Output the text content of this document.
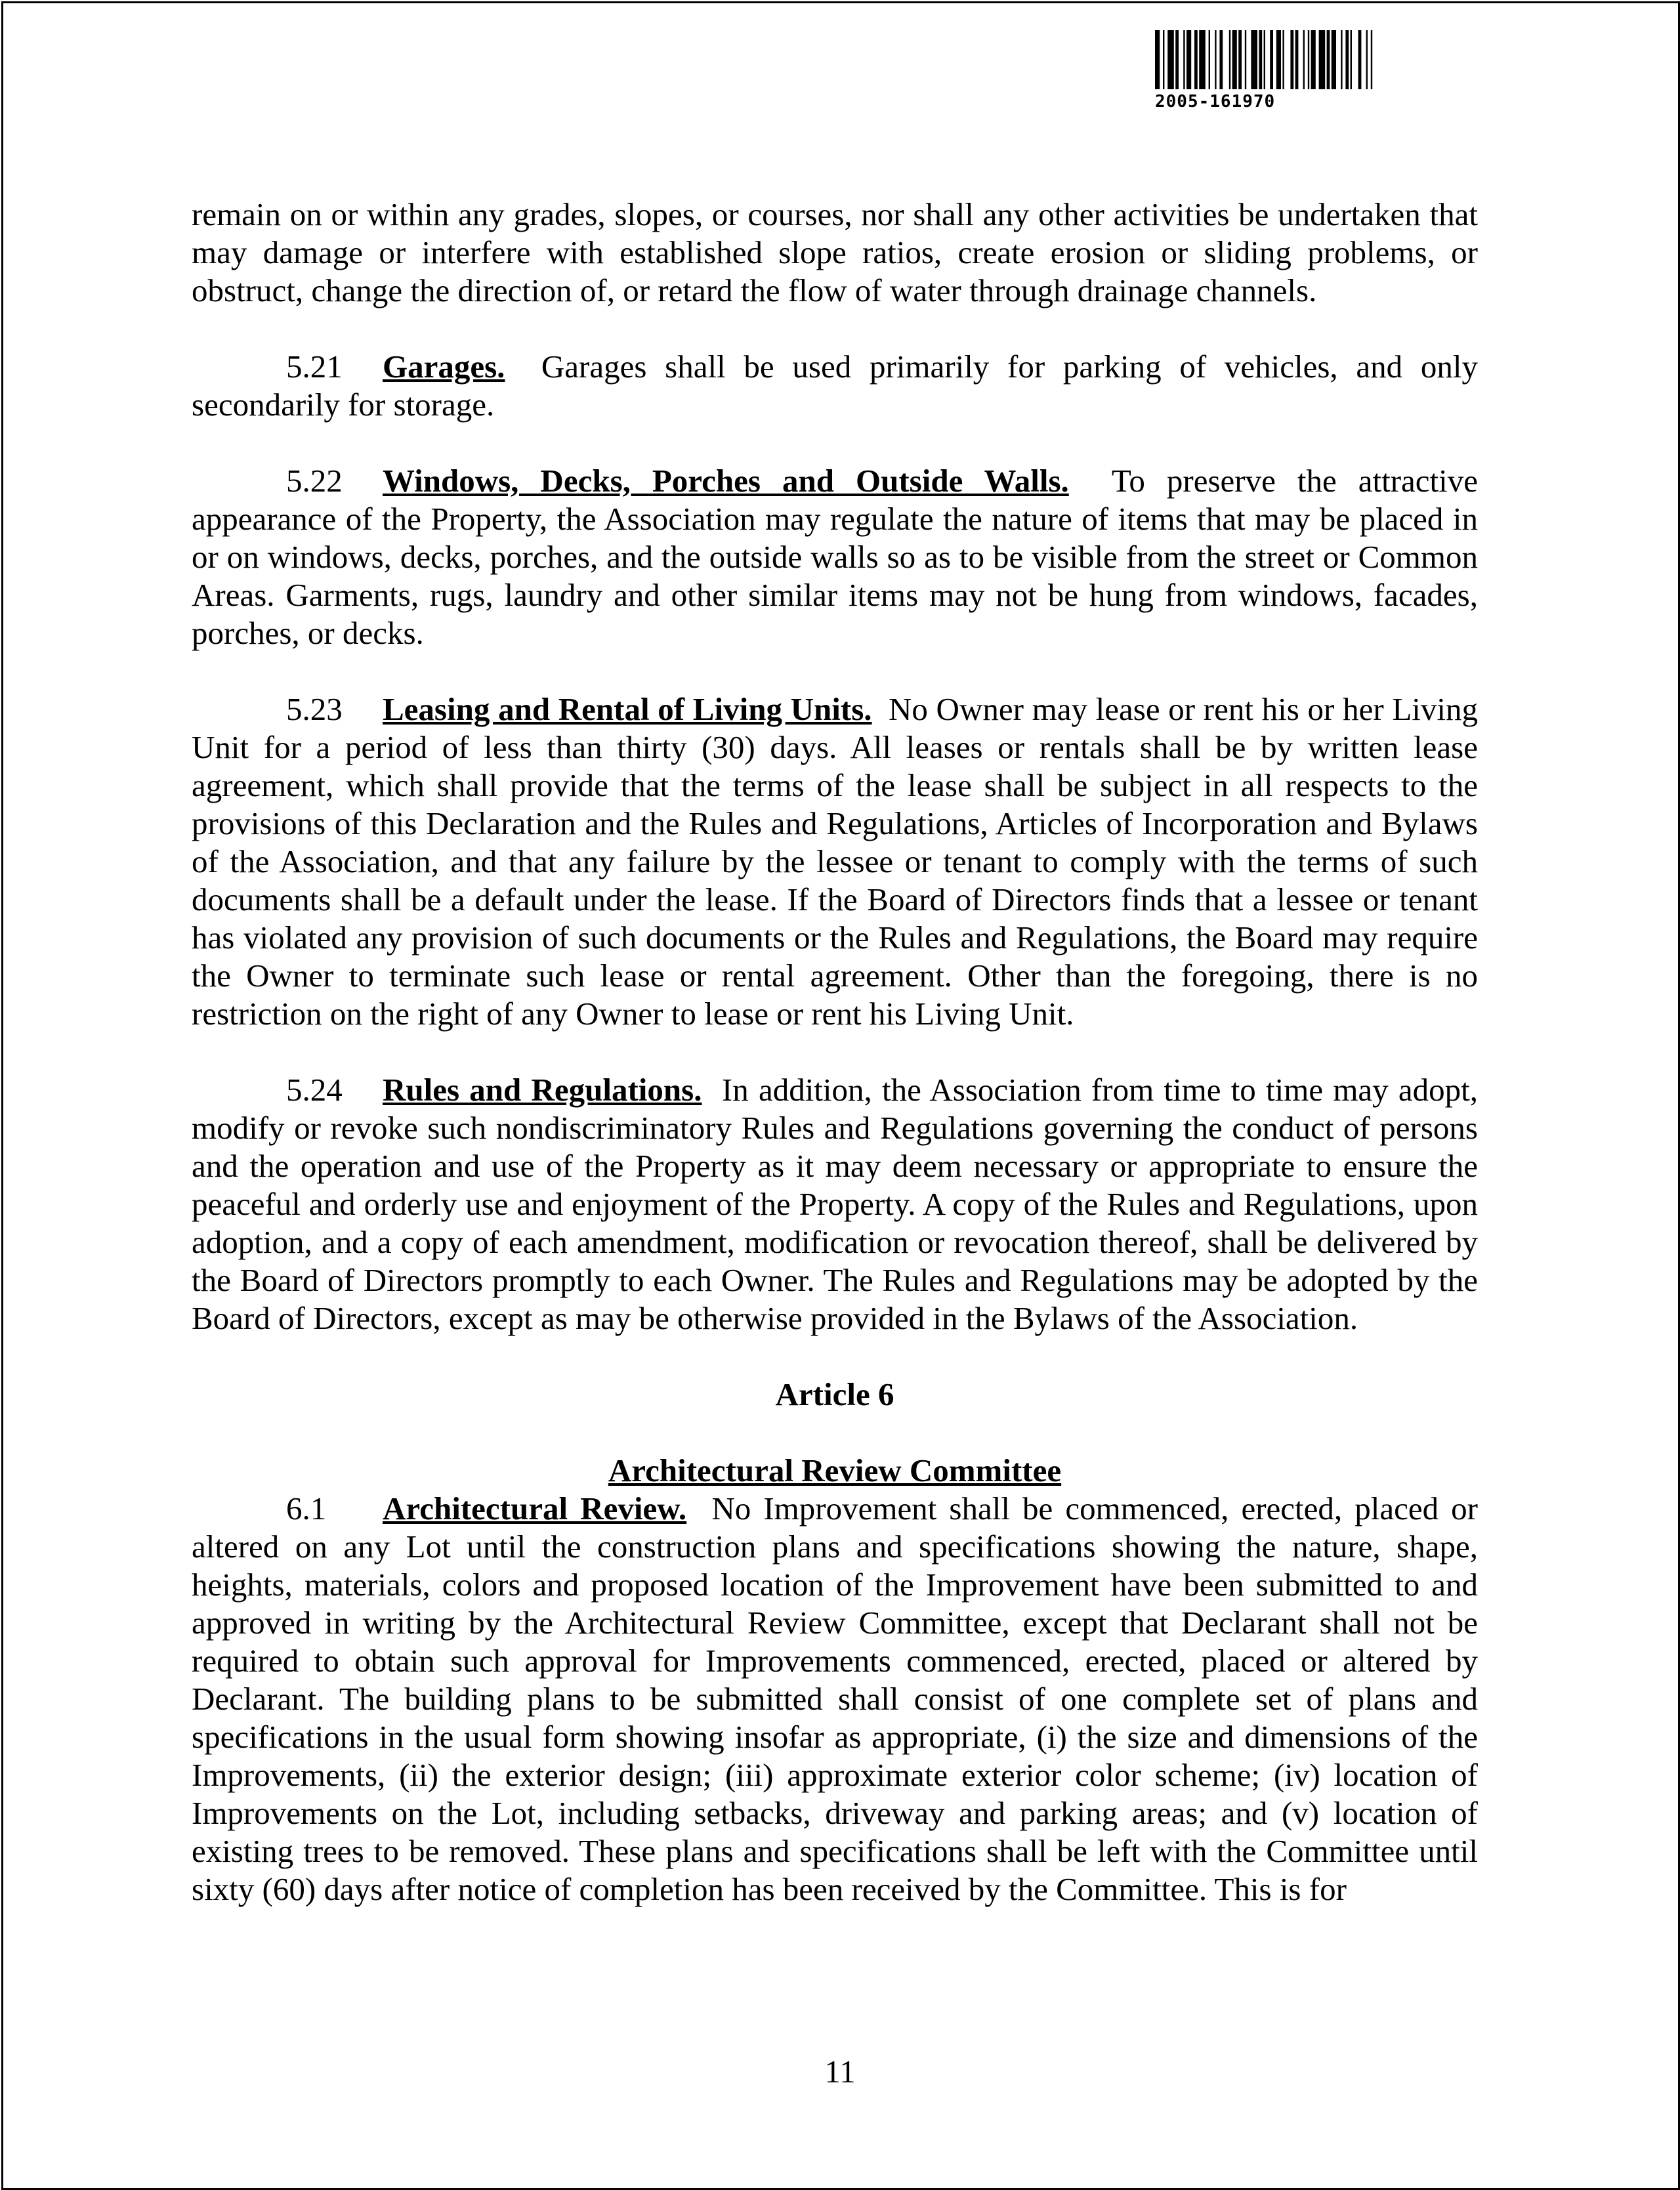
2005-161970

remain on or within any grades, slopes, or courses, nor shall any other activities be undertaken that may damage or interfere with established slope ratios, create erosion or sliding problems, or obstruct, change the direction of, or retard the flow of water through drainage channels.

5.21 Garages. Garages shall be used primarily for parking of vehicles, and only secondarily for storage.

5.22 Windows, Decks, Porches and Outside Walls. To preserve the attractive appearance of the Property, the Association may regulate the nature of items that may be placed in or on windows, decks, porches, and the outside walls so as to be visible from the street or Common Areas. Garments, rugs, laundry and other similar items may not be hung from windows, facades, porches, or decks.

5.23 Leasing and Rental of Living Units. No Owner may lease or rent his or her Living Unit for a period of less than thirty (30) days. All leases or rentals shall be by written lease agreement, which shall provide that the terms of the lease shall be subject in all respects to the provisions of this Declaration and the Rules and Regulations, Articles of Incorporation and Bylaws of the Association, and that any failure by the lessee or tenant to comply with the terms of such documents shall be a default under the lease. If the Board of Directors finds that a lessee or tenant has violated any provision of such documents or the Rules and Regulations, the Board may require the Owner to terminate such lease or rental agreement. Other than the foregoing, there is no restriction on the right of any Owner to lease or rent his Living Unit.

5.24 Rules and Regulations. In addition, the Association from time to time may adopt, modify or revoke such nondiscriminatory Rules and Regulations governing the conduct of persons and the operation and use of the Property as it may deem necessary or appropriate to ensure the peaceful and orderly use and enjoyment of the Property. A copy of the Rules and Regulations, upon adoption, and a copy of each amendment, modification or revocation thereof, shall be delivered by the Board of Directors promptly to each Owner. The Rules and Regulations may be adopted by the Board of Directors, except as may be otherwise provided in the Bylaws of the Association.

Article 6

Architectural Review Committee

6.1 Architectural Review. No Improvement shall be commenced, erected, placed or altered on any Lot until the construction plans and specifications showing the nature, shape, heights, materials, colors and proposed location of the Improvement have been submitted to and approved in writing by the Architectural Review Committee, except that Declarant shall not be required to obtain such approval for Improvements commenced, erected, placed or altered by Declarant. The building plans to be submitted shall consist of one complete set of plans and specifications in the usual form showing insofar as appropriate, (i) the size and dimensions of the Improvements, (ii) the exterior design; (iii) approximate exterior color scheme; (iv) location of Improvements on the Lot, including setbacks, driveway and parking areas; and (v) location of existing trees to be removed. These plans and specifications shall be left with the Committee until sixty (60) days after notice of completion has been received by the Committee. This is for

11
